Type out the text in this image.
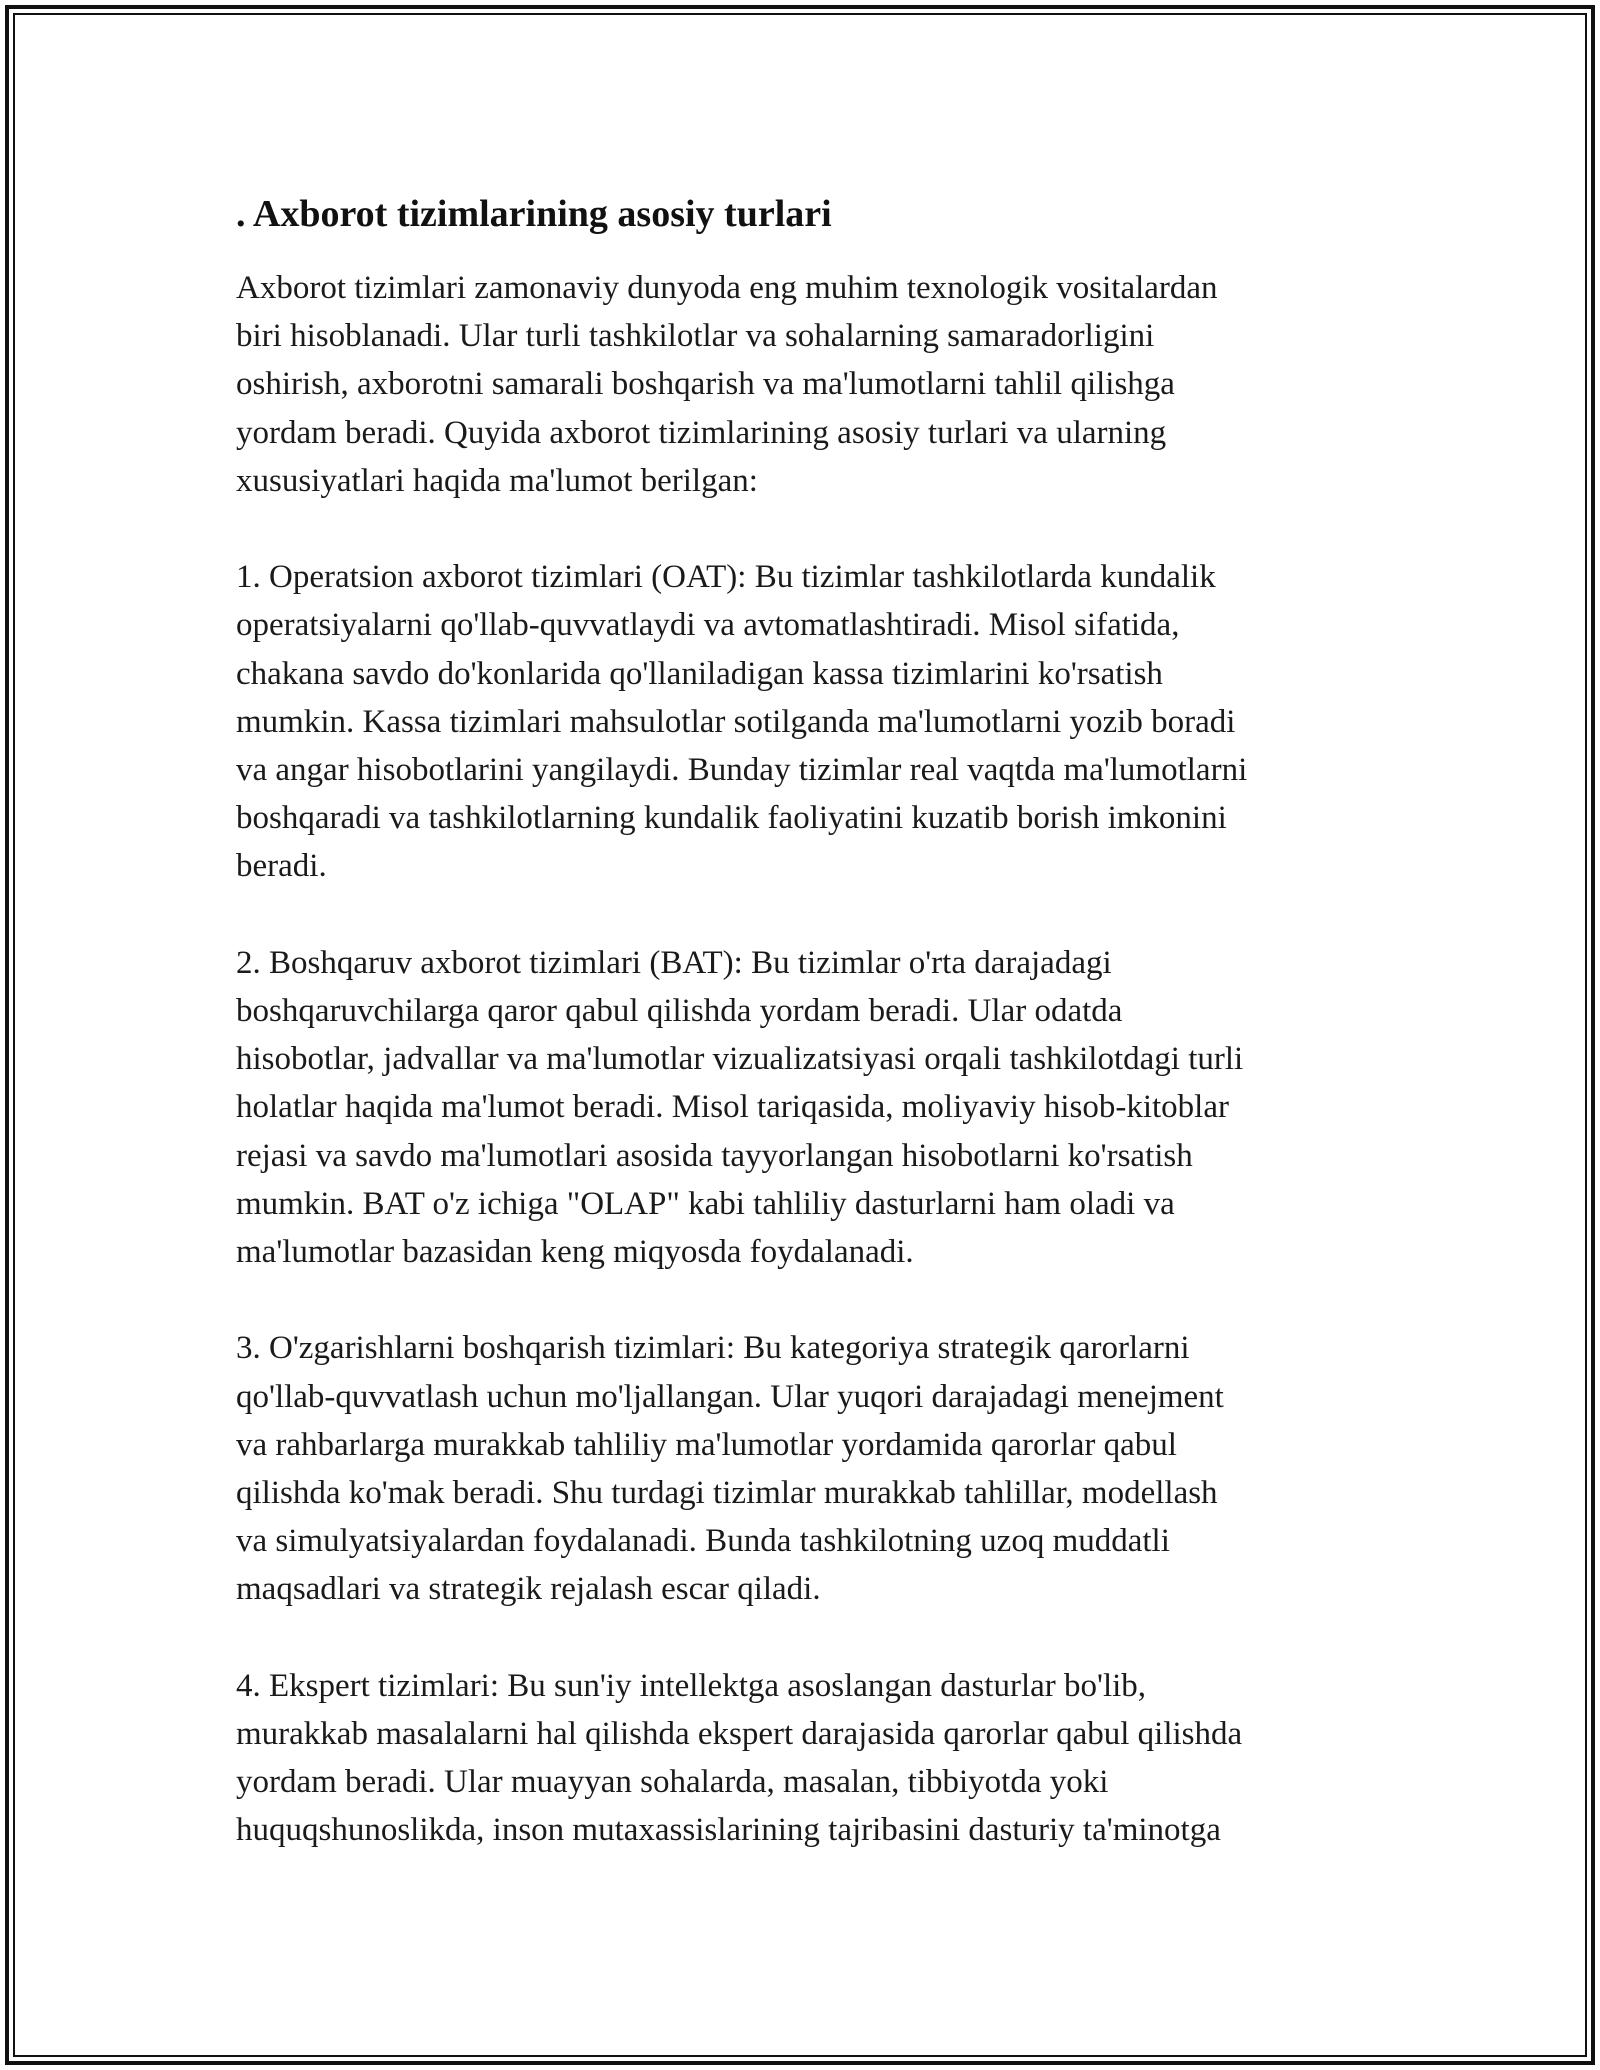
. Axborot tizimlarining asosiy turlari

Axborot tizimlari zamonaviy dunyoda eng muhim texnologik vositalardan
biri hisoblanadi. Ular turli tashkilotlar va sohalarning samaradorligini
oshirish, axborotni samarali boshqarish va ma'lumotlarni tahlil qilishga
yordam beradi. Quyida axborot tizimlarining asosiy turlari va ularning
xususiyatlari haqida ma'lumot berilgan:

1. Operatsion axborot tizimlari (OAT): Bu tizimlar tashkilotlarda kundalik
operatsiyalarni qo'llab-quvvatlaydi va avtomatlashtiradi. Misol sifatida,
chakana savdo do'konlarida qo'llaniladigan kassa tizimlarini ko'rsatish
mumkin. Kassa tizimlari mahsulotlar sotilganda ma'lumotlarni yozib boradi
va angar hisobotlarini yangilaydi. Bunday tizimlar real vaqtda ma'lumotlarni
boshqaradi va tashkilotlarning kundalik faoliyatini kuzatib borish imkonini
beradi.

2. Boshqaruv axborot tizimlari (BAT): Bu tizimlar o'rta darajadagi
boshqaruvchilarga qaror qabul qilishda yordam beradi. Ular odatda
hisobotlar, jadvallar va ma'lumotlar vizualizatsiyasi orqali tashkilotdagi turli
holatlar haqida ma'lumot beradi. Misol tariqasida, moliyaviy hisob-kitoblar
rejasi va savdo ma'lumotlari asosida tayyorlangan hisobotlarni ko'rsatish
mumkin. BAT o'z ichiga "OLAP" kabi tahliliy dasturlarni ham oladi va
ma'lumotlar bazasidan keng miqyosda foydalanadi.

3. O'zgarishlarni boshqarish tizimlari: Bu kategoriya strategik qarorlarni
qo'llab-quvvatlash uchun mo'ljallangan. Ular yuqori darajadagi menejment
va rahbarlarga murakkab tahliliy ma'lumotlar yordamida qarorlar qabul
qilishda ko'mak beradi. Shu turdagi tizimlar murakkab tahlillar, modellash
va simulyatsiyalardan foydalanadi. Bunda tashkilotning uzoq muddatli
maqsadlari va strategik rejalash escar qiladi.

4. Ekspert tizimlari: Bu sun'iy intellektga asoslangan dasturlar bo'lib,
murakkab masalalarni hal qilishda ekspert darajasida qarorlar qabul qilishda
yordam beradi. Ular muayyan sohalarda, masalan, tibbiyotda yoki
huquqshunoslikda, inson mutaxassislarining tajribasini dasturiy ta'minotga
